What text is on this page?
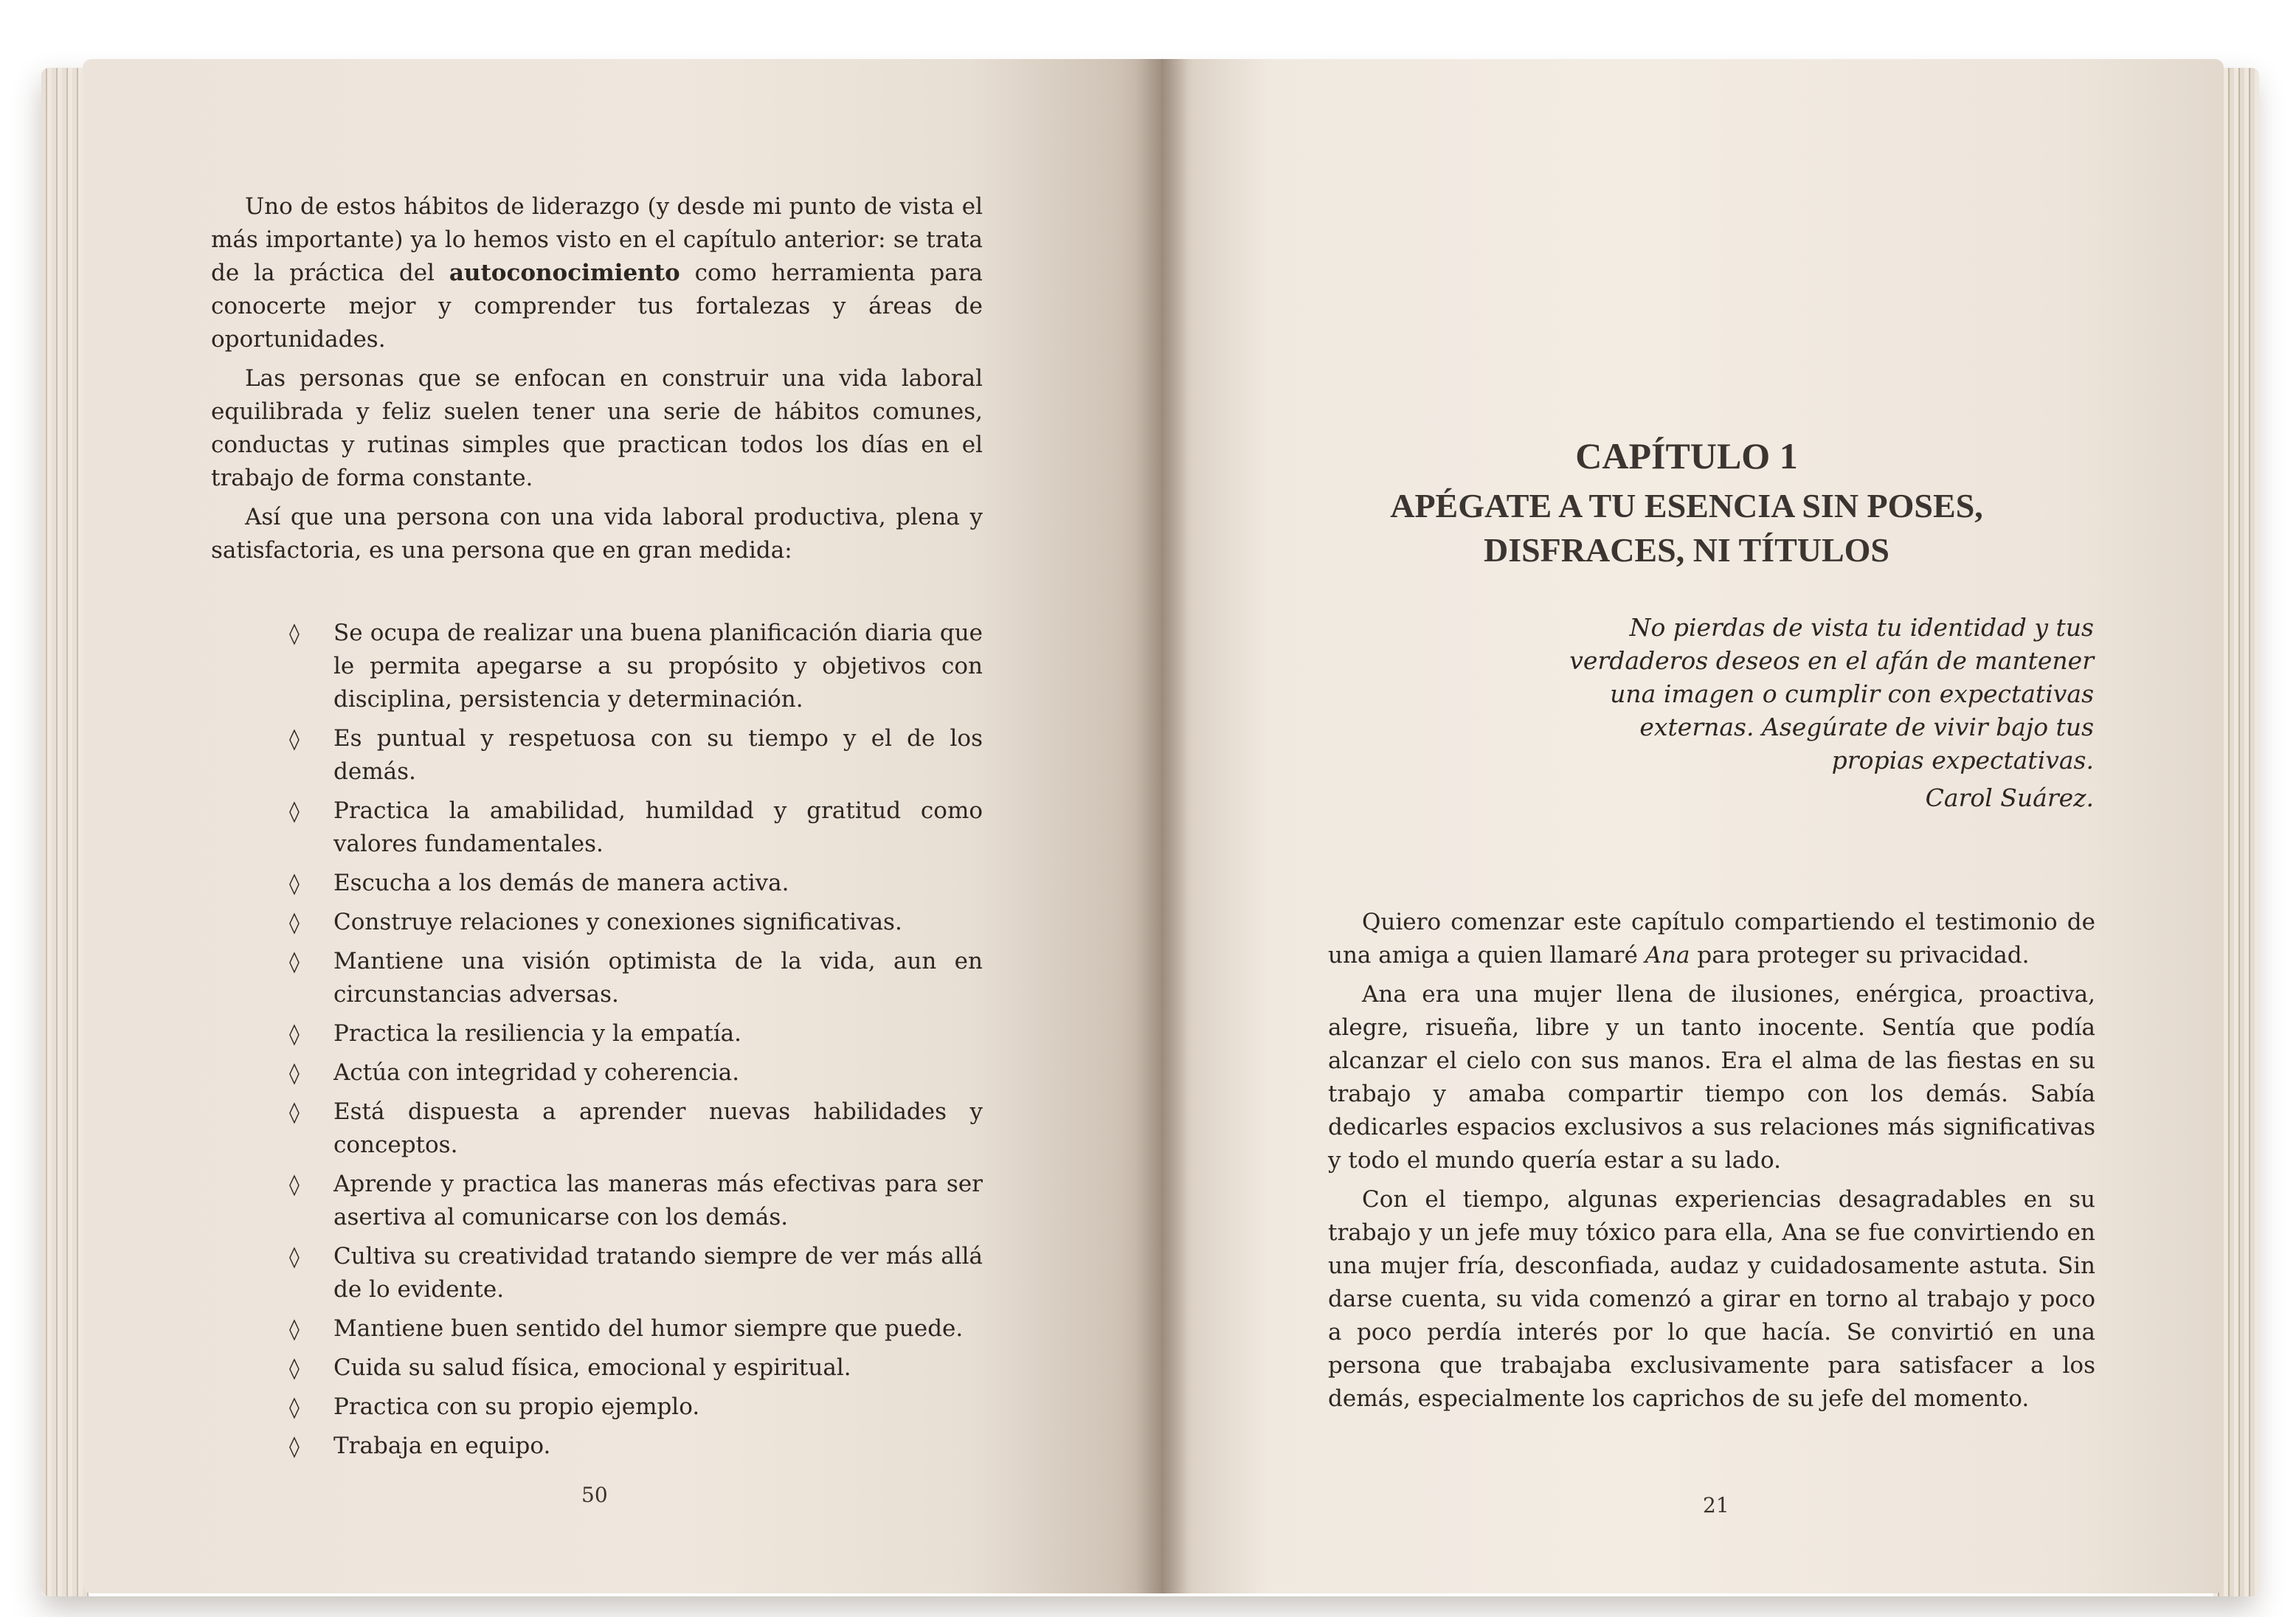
Uno de estos hábitos de liderazgo (y desde mi punto de vista el más importante) ya lo hemos visto en el capítulo anterior: se trata de la práctica del autoconocimiento como herramienta para conocerte mejor y comprender tus fortalezas y áreas de oportunidades.

Las personas que se enfocan en construir una vida laboral equilibrada y feliz suelen tener una serie de hábitos comunes, conductas y rutinas simples que practican todos los días en el trabajo de forma constante.

Así que una persona con una vida laboral productiva, plena y satisfactoria, es una persona que en gran medida:

◊ Se ocupa de realizar una buena planificación diaria que le permita apegarse a su propósito y objetivos con disciplina, persistencia y determinación.
◊ Es puntual y respetuosa con su tiempo y el de los demás.
◊ Practica la amabilidad, humildad y gratitud como valores fundamentales.
◊ Escucha a los demás de manera activa.
◊ Construye relaciones y conexiones significativas.
◊ Mantiene una visión optimista de la vida, aun en circunstancias adversas.
◊ Practica la resiliencia y la empatía.
◊ Actúa con integridad y coherencia.
◊ Está dispuesta a aprender nuevas habilidades y conceptos.
◊ Aprende y practica las maneras más efectivas para ser asertiva al comunicarse con los demás.
◊ Cultiva su creatividad tratando siempre de ver más allá de lo evidente.
◊ Mantiene buen sentido del humor siempre que puede.
◊ Cuida su salud física, emocional y espiritual.
◊ Practica con su propio ejemplo.
◊ Trabaja en equipo.
50
CAPÍTULO 1
APÉGATE A TU ESENCIA SIN POSES,
DISFRACES, NI TÍTULOS
No pierdas de vista tu identidad y tus
verdaderos deseos en el afán de mantener
una imagen o cumplir con expectativas
externas. Asegúrate de vivir bajo tus
propias expectativas.
Carol Suárez.

Quiero comenzar este capítulo compartiendo el testimonio de una amiga a quien llamaré Ana para proteger su privacidad.

Ana era una mujer llena de ilusiones, enérgica, proactiva, alegre, risueña, libre y un tanto inocente. Sentía que podía alcanzar el cielo con sus manos. Era el alma de las fiestas en su trabajo y amaba compartir tiempo con los demás. Sabía dedicarles espacios exclusivos a sus relaciones más significativas y todo el mundo quería estar a su lado.

Con el tiempo, algunas experiencias desagradables en su trabajo y un jefe muy tóxico para ella, Ana se fue convirtiendo en una mujer fría, desconfiada, audaz y cuidadosamente astuta. Sin darse cuenta, su vida comenzó a girar en torno al trabajo y poco a poco perdía interés por lo que hacía. Se convirtió en una persona que trabajaba exclusivamente para satisfacer a los demás, especialmente los caprichos de su jefe del momento.

21
